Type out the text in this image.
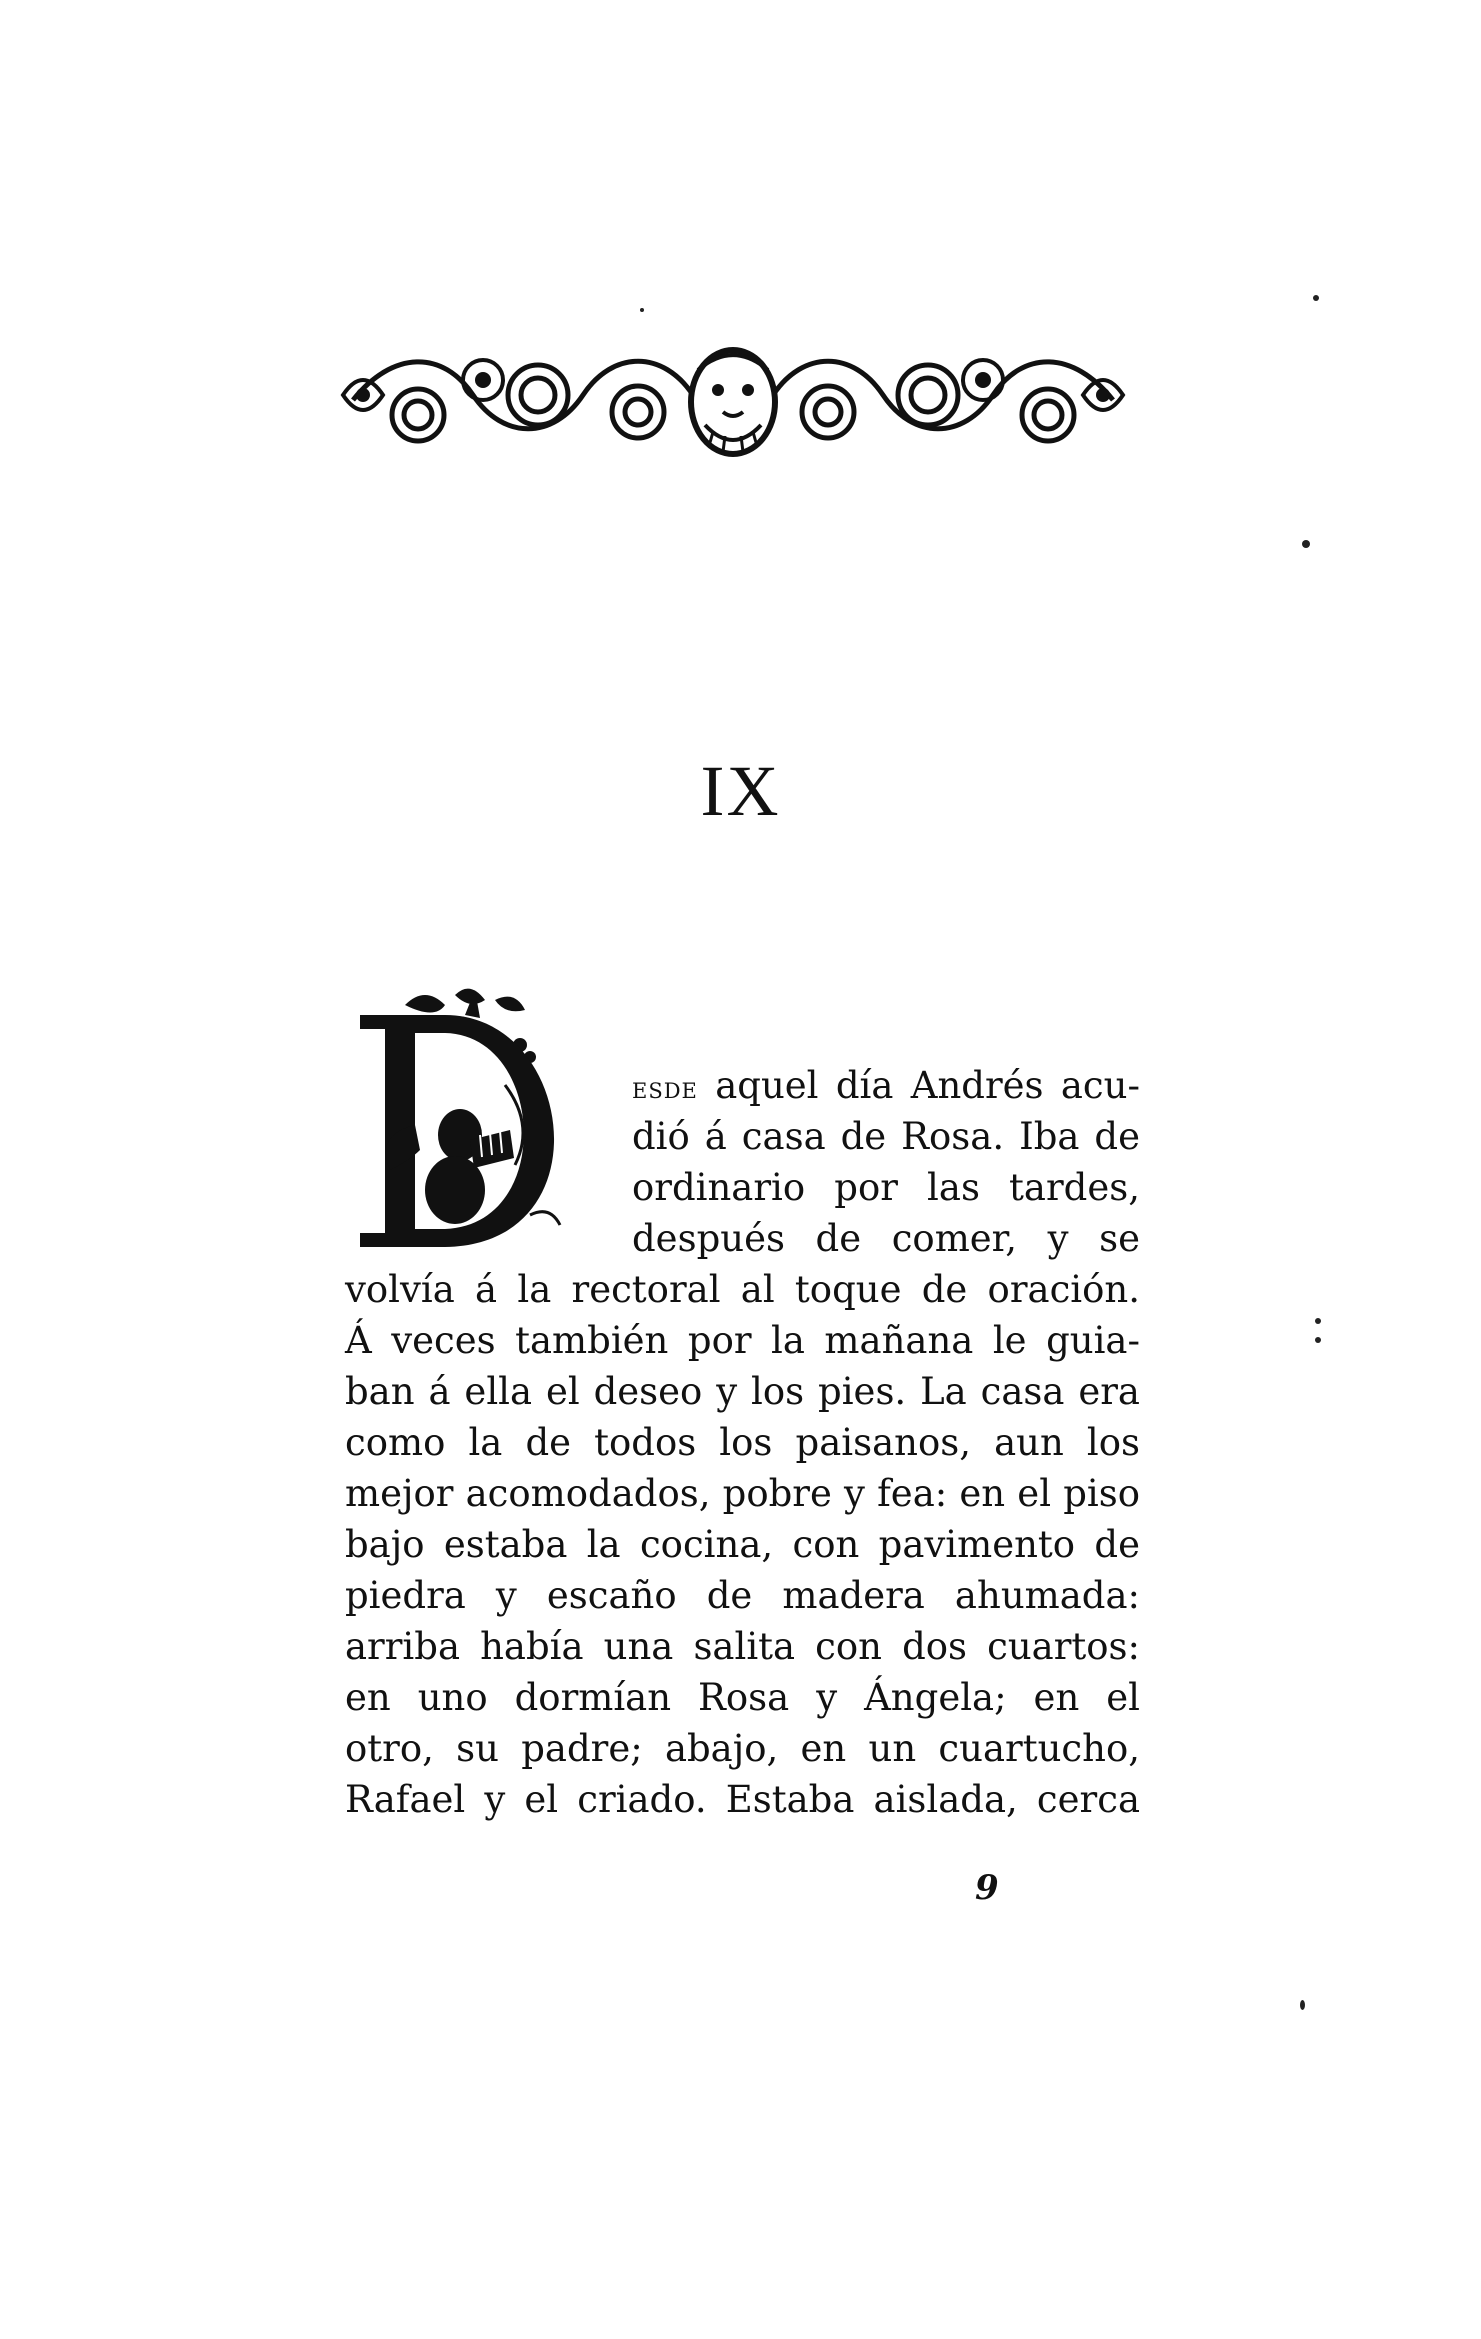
IX
esde aquel día Andrés acu-
dió á casa de Rosa. Iba de
ordinario por las tardes,
después de comer, y se
volvía á la rectoral al toque de oración.
Á veces también por la mañana le guia-
ban á ella el deseo y los pies. La casa era
como la de todos los paisanos, aun los
mejor acomodados, pobre y fea: en el piso
bajo estaba la cocina, con pavimento de
piedra y escaño de madera ahumada:
arriba había una salita con dos cuartos:
en uno dormían Rosa y Ángela; en el
otro, su padre; abajo, en un cuartucho,
Rafael y el criado. Estaba aislada, cerca
9
